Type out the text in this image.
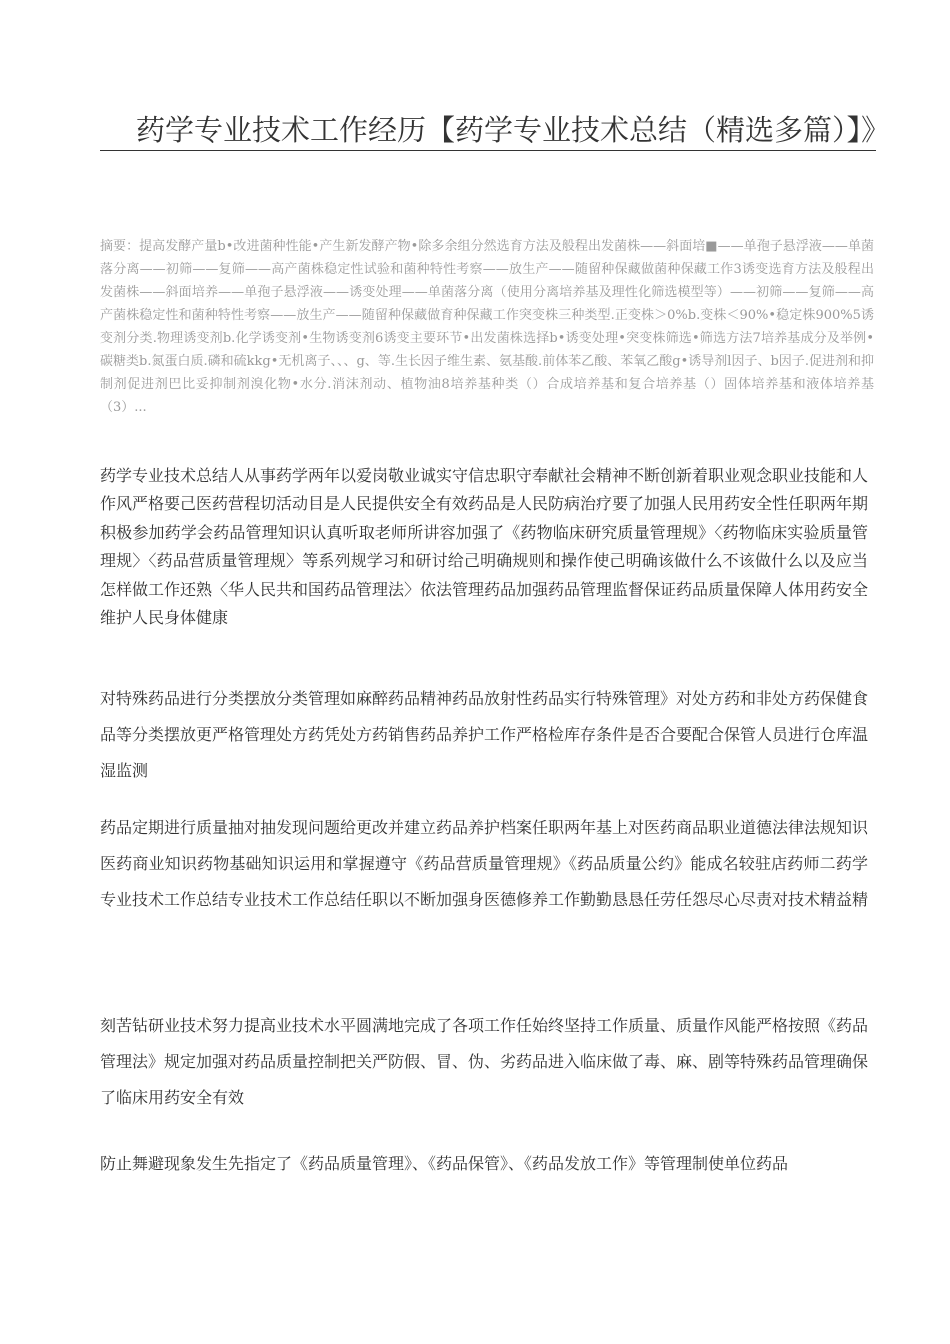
药学专业技术工作经历【药学专业技术总结（精选多篇）】》

摘要：提高发酵产量b•改进菌种性能•产生新发酵产物•除多余组分然选育方法及般程出发菌株——斜面培■——单孢子悬浮液——单菌落分离——初筛——复筛——高产菌株稳定性试验和菌种特性考察——放生产——随留种保藏做菌种保藏工作3诱变选育方法及般程出发菌株——斜面培养——单孢子悬浮液——诱变处理——单菌落分离（使用分离培养基及理性化筛选模型等）——初筛——复筛——高产菌株稳定性和菌种特性考察——放生产——随留种保藏做育种保藏工作突变株三种类型.正变株＞0%b.变株＜90%•稳定株900%5诱变剂分类.物理诱变剂b.化学诱变剂•生物诱变剂6诱变主要环节•出发菌株选择b•诱变处理•突变株筛选•筛选方法7培养基成分及举例•碳糖类b.氮蛋白质.磷和硫kkg•无机离子、、、g、等.生长因子维生素、氨基酸.前体苯乙酸、苯氧乙酸g•诱导剂l因子、b因子.促进剂和抑制剂促进剂巴比妥抑制剂溴化物•水分.消沫剂动、植物油8培养基种类（）合成培养基和复合培养基（）固体培养基和液体培养基（3）...

药学专业技术总结人从事药学两年以爱岗敬业诚实守信忠职守奉献社会精神不断创新着职业观念职业技能和人作风严格要己医药营程切活动目是人民提供安全有效药品是人民防病治疗要了加强人民用药安全性任职两年期积极参加药学会药品管理知识认真听取老师所讲容加强了《药物临床研究质量管理规》〈药物临床实验质量管理规〉〈药品营质量管理规〉等系列规学习和研讨给己明确规则和操作使己明确该做什么不该做什么以及应当怎样做工作还熟〈华人民共和国药品管理法〉依法管理药品加强药品管理监督保证药品质量保障人体用药安全维护人民身体健康

对特殊药品进行分类摆放分类管理如麻醉药品精神药品放射性药品实行特殊管理》对处方药和非处方药保健食品等分类摆放更严格管理处方药凭处方药销售药品养护工作严格检库存条件是否合要配合保管人员进行仓库温湿监测

药品定期进行质量抽对抽发现问题给更改并建立药品养护档案任职两年基上对医药商品职业道德法律法规知识医药商业知识药物基础知识运用和掌握遵守《药品营质量管理规》《药品质量公约》能成名较驻店药师二药学专业技术工作总结专业技术工作总结任职以不断加强身医德修养工作勤勤恳恳任劳任怨尽心尽责对技术精益精

刻苦钻研业技术努力提高业技术水平圆满地完成了各项工作任始终坚持工作质量、质量作风能严格按照《药品管理法》规定加强对药品质量控制把关严防假、冒、伪、劣药品进入临床做了毒、麻、剧等特殊药品管理确保了临床用药安全有效

防止舞避现象发生先指定了《药品质量管理》、《药品保管》、《药品发放工作》等管理制使单位药品
